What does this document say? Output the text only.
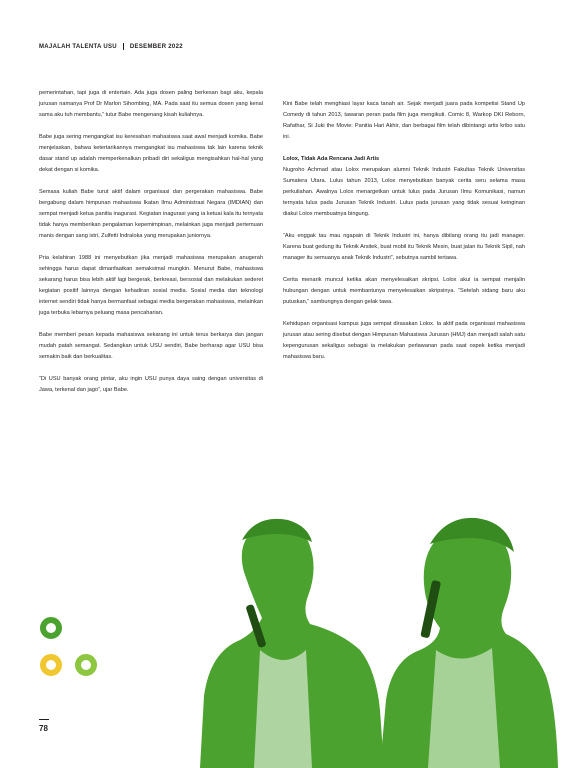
MAJALAH TALENTA USU DESEMBER 2022

pemerintahan, tapi juga di entertain. Ada juga dosen paling berkesan bagi aku, kepala jurusan namanya Prof Dr Marlon Sihombing, MA. Pada saat itu semua dosen yang kenal sama aku tuh membantu,” tutur Babe mengenang kisah kuliahnya.

Babe juga sering mengangkat isu keresahan mahasiswa saat awal menjadi komika. Babe menjelaskan, bahwa ketertarikannya mengangkat isu mahasiswa tak lain karena teknik dasar stand up adalah memperkenalkan pribadi diri sekaligus mengisahkan hal-hal yang dekat dengan si komika.

Semasa kuliah Babe turut aktif dalam organisasi dan pergerakan mahasiswa. Babe bergabung dalam himpunan mahasiswa Ikatan Ilmu Administrasi Negara (IMDIAN) dan sempat menjadi ketua panitia inagurasi. Kegiatan inagurasi yang ia ketuai kala itu ternyata tidak hanya memberikan pengalaman kepemimpinan, melainkan juga menjadi pertemuan manis dengan sang istri, Zulfetti Indraloka yang merupakan juniornya.

Pria kelahiran 1988 ini menyebutkan jika menjadi mahasiswa merupakan anugerah sehingga harus dapat dimanfaatkan semaksimal mungkin. Menurut Babe, mahasiswa sekarang harus bisa lebih aktif lagi bergerak, berkreasi, bersosial dan melakukan sederet kegiatan positif lainnya dengan kehadiran sosial media. Sosial media dan teknologi internet sendiri tidak hanya bermanfaat sebagai media bergerakan mahasiswa, melainkan juga terbuka lebarnya peluang masa pencaharian.

Babe memberi pesan kepada mahasiswa sekarang ini untuk terus berkarya dan jangan mudah patah semangat. Sedangkan untuk USU sendiri, Babe berharap agar USU bisa semakin baik dan berkualitas.

“Di USU banyak orang pintar, aku ingin USU punya daya saing dengan universitas di Jawa, terkenal dan jago”, ujar Babe.

Kini Babe telah menghiasi layar kaca tanah air. Sejak menjadi juara pada kompetisi Stand Up Comedy di tahun 2013, tawaran peran pada film juga mengikuti. Comic 8, Warkop DKI Reborn, Rafathar, Si Juki the Movie: Panitia Hari Akhir, dan berbagai film telah dibintangi artis kribo satu ini.

Lolox, Tidak Ada Rencana Jadi Artis

Nugroho Achmad atau Lolox merupakan alumni Teknik Industri Fakultas Teknik Universitas Sumatera Utara. Lulus tahun 2013, Lolox menyebutkan banyak cerita seru selama masa perkuliahan. Awalnya Lolox menargetkan untuk lulus pada Jurusan Ilmu Komunikasi, namun ternyata lulus pada Jurusan Teknik Industri. Lulus pada jurusan yang tidak sesuai keinginan diakui Lolox membuatnya bingung.

“Aku enggak tau mau ngapain di Teknik Industri ini, hanya dibilang orang itu jadi manager. Karena buat gedung itu Teknik Arsitek, buat mobil itu Teknik Mesin, buat jalan itu Teknik Sipil, nah manager itu semuanya anak Teknik Industri”, sebutnya sambil tertawa.

Cerita menarik muncul ketika akan menyelesaikan skripsi. Lolox akui ia sempat menjalin hubungan dengan untuk membantunya menyelesaikan skripsinya. “Setelah sidang baru aku putuskan,” sambungnya dengan gelak tawa.

Kehidupan organisasi kampus juga sempat dirasakan Lolox. Ia aktif pada organisasi mahasiswa jurusan atau sering disebut dengan Himpunan Mahasiswa Jurusan (HMJ) dan menjadi salah satu kepengurusan sekaligus sebagai ia melakukan perlawanan pada saat ospek ketika menjadi mahasiswa baru.

78
